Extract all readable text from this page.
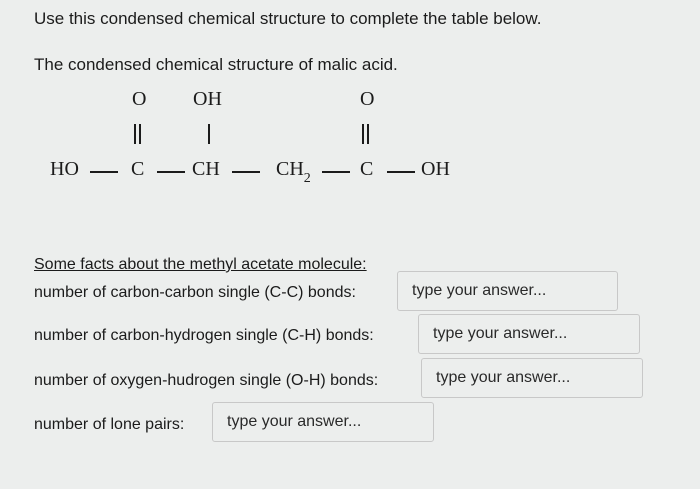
Use this condensed chemical structure to complete the table below.
The condensed chemical structure of malic acid.
O OH	O
HO	C CH	$CH_2$ C OH
Some facts about the methyl acetate molecule:
number of carbon-carbon single (C-C) bonds:
type your answer...
number of carbon-hydrogen single (C-H) bonds:
type your answer...
number of oxygen-hudrogen single (O-H) bonds:
type your answer...
number of lone pairs:
type your answer...
